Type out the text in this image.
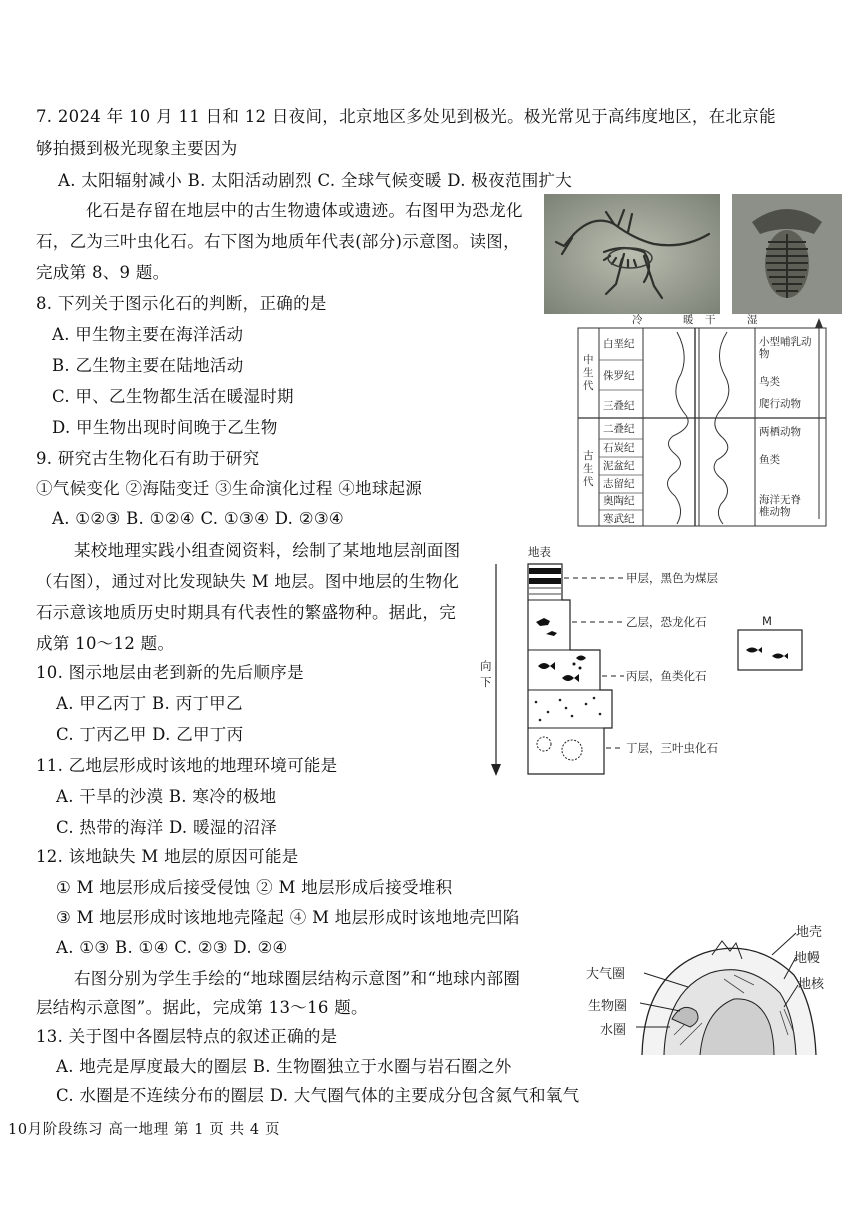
7. 2024 年 10 月 11 日和 12 日夜间，北京地区多处见到极光。极光常见于高纬度地区，在北京能
够拍摄到极光现象主要因为
A. 太阳辐射减小 B. 太阳活动剧烈 C. 全球气候变暖 D. 极夜范围扩大
化石是存留在地层中的古生物遗体或遗迹。右图甲为恐龙化
石，乙为三叶虫化石。右下图为地质年代表(部分)示意图。读图，
完成第 8、9 题。
8. 下列关于图示化石的判断，正确的是
A. 甲生物主要在海洋活动
B. 乙生物主要在陆地活动
C. 甲、乙生物都生活在暖湿时期
D. 甲生物出现时间晚于乙生物
冷	暖 干	湿
中生代
古生代
白垩纪
侏罗纪
三叠纪
二叠纪
石炭纪
泥盆纪
志留纪
奥陶纪
寒武纪
小型哺乳动物
鸟类
爬行动物
两栖动物
鱼类
海洋无脊椎动物
9. 研究古生物化石有助于研究
①气候变化 ②海陆变迁 ③生命演化过程 ④地球起源
A. ①②③ B. ①②④ C. ①③④ D. ②③④
某校地理实践小组查阅资料，绘制了某地地层剖面图
（右图），通过对比发现缺失 M 地层。图中地层的生物化
石示意该地质历史时期具有代表性的繁盛物种。据此，完
成第 10～12 题。
地表
向下
甲层，黑色为煤层
乙层，恐龙化石
丙层，鱼类化石
丁层，三叶虫化石
M
10. 图示地层由老到新的先后顺序是
A. 甲乙丙丁 B. 丙丁甲乙
C. 丁丙乙甲 D. 乙甲丁丙
11. 乙地层形成时该地的地理环境可能是
A. 干旱的沙漠 B. 寒冷的极地
C. 热带的海洋 D. 暖湿的沼泽
12. 该地缺失 M 地层的原因可能是
① M 地层形成后接受侵蚀 ② M 地层形成后接受堆积
③ M 地层形成时该地地壳隆起 ④ M 地层形成时该地地壳凹陷
A. ①③ B. ①④ C. ②③ D. ②④
右图分别为学生手绘的“地球圈层结构示意图”和“地球内部圈
层结构示意图”。据此，完成第 13～16 题。
大气圈
生物圈
水圈
地壳
地幔
地核
13. 关于图中各圈层特点的叙述正确的是
A. 地壳是厚度最大的圈层 B. 生物圈独立于水圈与岩石圈之外
C. 水圈是不连续分布的圈层 D. 大气圈气体的主要成分包含氮气和氧气
10月阶段练习 高一地理 第 1 页 共 4 页
